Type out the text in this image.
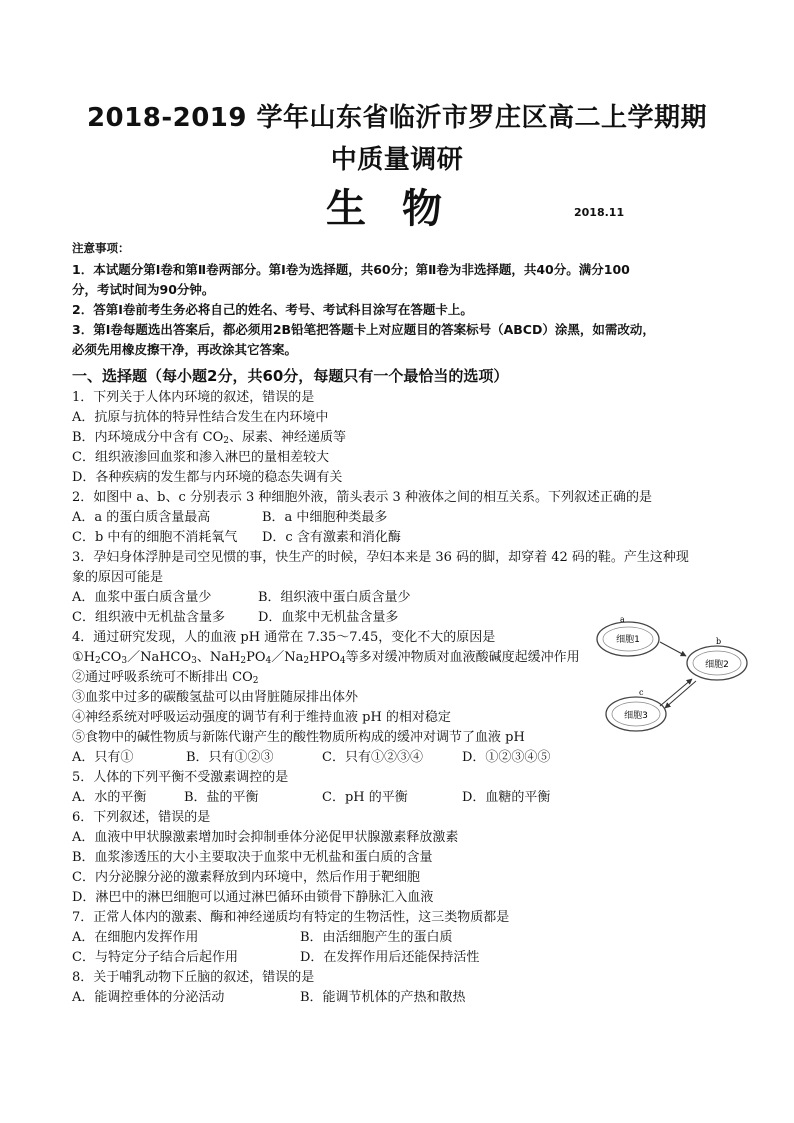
2018-2019 学年山东省临沂市罗庄区高二上学期期
中质量调研
生物	2018.11
注意事项：
1．本试题分第Ⅰ卷和第Ⅱ卷两部分。第Ⅰ卷为选择题，共60分；第Ⅱ卷为非选择题，共40分。满分100
分，考试时间为90分钟。
2．答第Ⅰ卷前考生务必将自己的姓名、考号、考试科目涂写在答题卡上。
3．第Ⅰ卷每题选出答案后，都必须用2B铅笔把答题卡上对应题目的答案标号（ABCD）涂黑，如需改动，
必须先用橡皮擦干净，再改涂其它答案。
一、选择题（每小题2分，共60分，每题只有一个最恰当的选项）
1．下列关于人体内环境的叙述，错误的是
A．抗原与抗体的特异性结合发生在内环境中
B．内环境成分中含有 $CO_2$、尿素、神经递质等
C．组织液渗回血浆和渗入淋巴的量相差较大
D．各种疾病的发生都与内环境的稳态失调有关
2．如图中 a、b、c 分别表示 3 种细胞外液，箭头表示 3 种液体之间的相互关系。下列叙述正确的是
A．a 的蛋白质含量最高	B．a 中细胞种类最多
C．b 中有的细胞不消耗氧气 D．c 含有激素和消化酶
3．孕妇身体浮肿是司空见惯的事，快生产的时候，孕妇本来是 36 码的脚，却穿着 42 码的鞋。产生这种现
象的原因可能是
A．血浆中蛋白质含量少	B．组织液中蛋白质含量少
C．组织液中无机盐含量多	D．血浆中无机盐含量多
4．通过研究发现，人的血液 pH 通常在 7.35～7.45，变化不大的原因是
$①H_2CO_3/NaHCO_3$、$NaH_2PO_4/Na_2HPO_4$等多对缓冲物质对血液酸碱度起缓冲作用
②通过呼吸系统可不断排出 $CO_2$
③血浆中过多的碳酸氢盐可以由肾脏随尿排出体外
④神经系统对呼吸运动强度的调节有利于维持血液 pH 的相对稳定
⑤食物中的碱性物质与新陈代谢产生的酸性物质所构成的缓冲对调节了血液 pH
A．只有①	B．只有①②③	C．只有①②③④	D．①②③④⑤
5．人体的下列平衡不受激素调控的是
A．水的平衡	B．盐的平衡	C．pH 的平衡	D．血糖的平衡
6．下列叙述，错误的是
A．血液中甲状腺激素增加时会抑制垂体分泌促甲状腺激素释放激素
B．血浆渗透压的大小主要取决于血浆中无机盐和蛋白质的含量
C．内分泌腺分泌的激素释放到内环境中，然后作用于靶细胞
D．淋巴中的淋巴细胞可以通过淋巴循环由锁骨下静脉汇入血液
7．正常人体内的激素、酶和神经递质均有特定的生物活性，这三类物质都是
A．在细胞内发挥作用	B．由活细胞产生的蛋白质
C．与特定分子结合后起作用	D．在发挥作用后还能保持活性
8．关于哺乳动物下丘脑的叙述，错误的是
A．能调控垂体的分泌活动	B．能调节机体的产热和散热
a
细胞1	b
细胞2
c
细胞3
